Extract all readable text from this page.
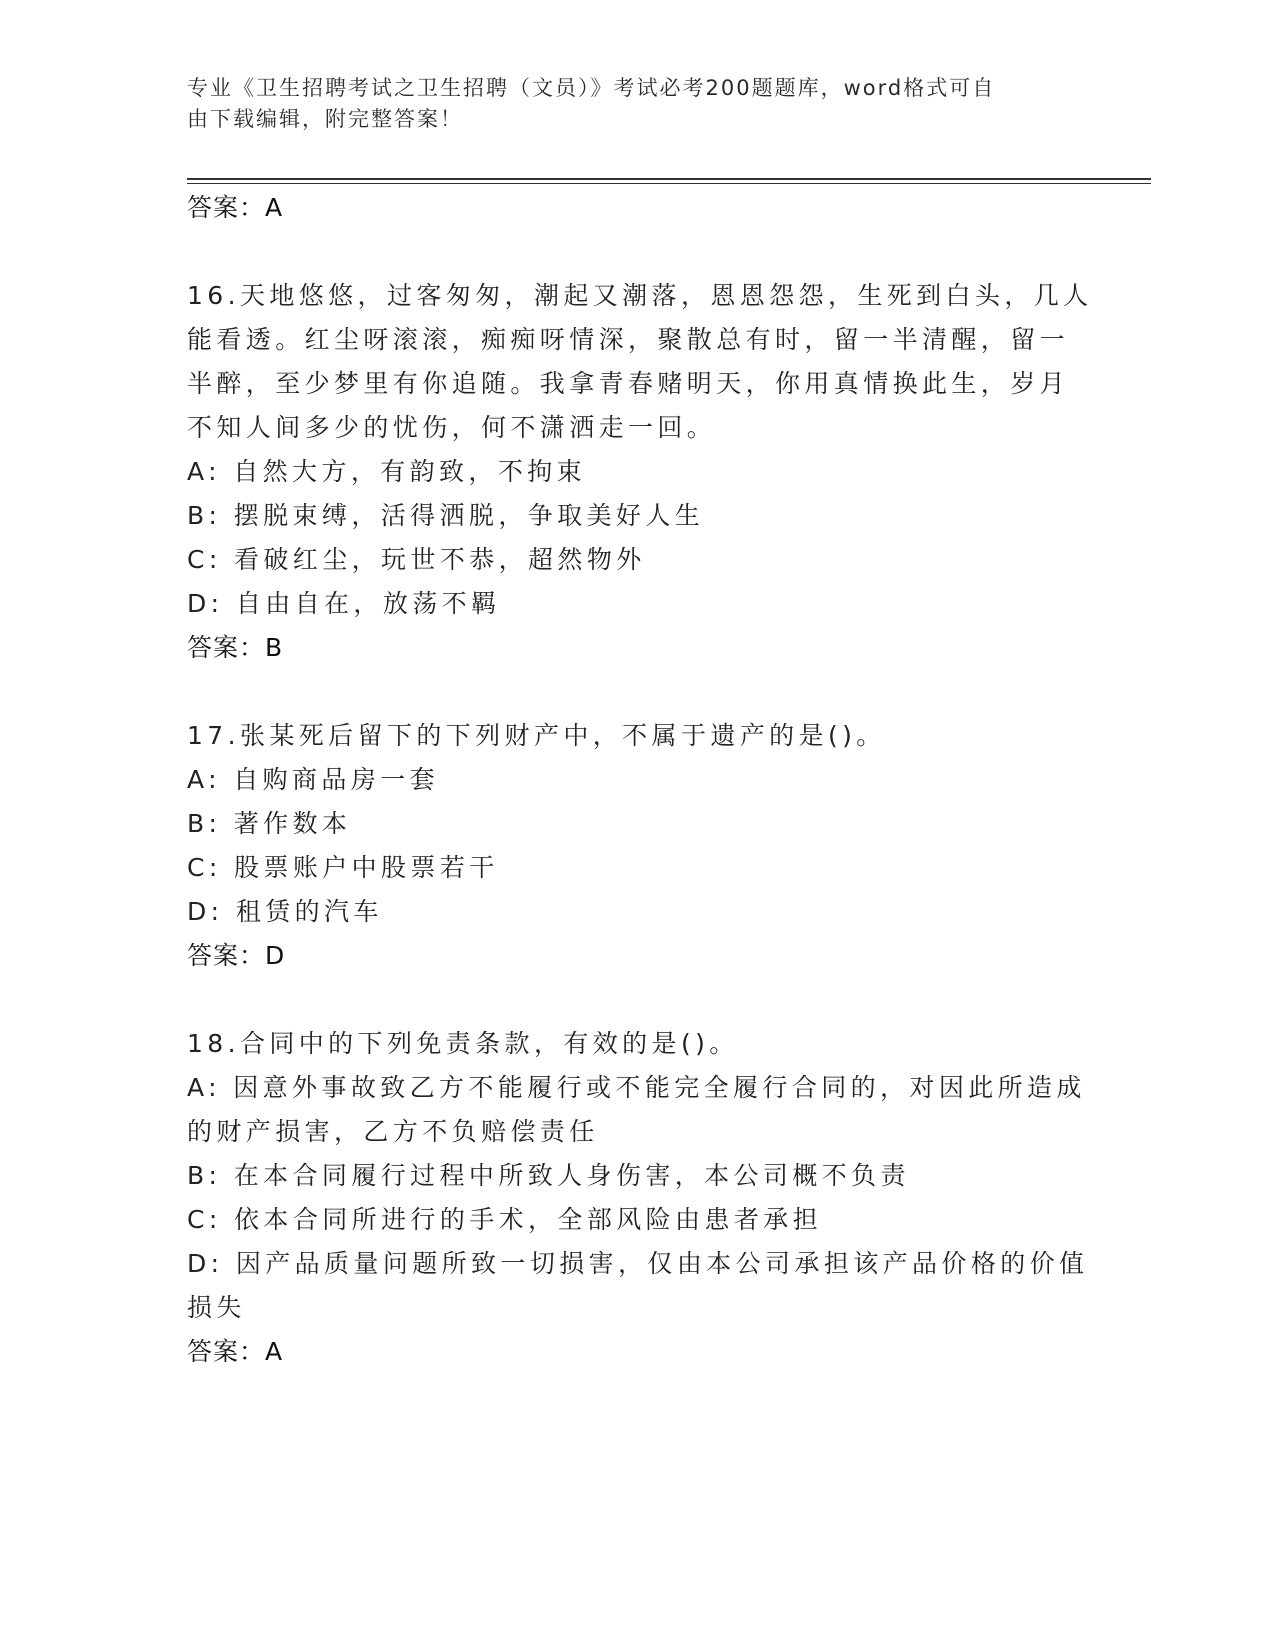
专业《卫生招聘考试之卫生招聘（文员）》考试必考200题题库，word格式可自
由下载编辑，附完整答案！
答案：A
16.天地悠悠，过客匆匆，潮起又潮落，恩恩怨怨，生死到白头，几人
能看透。红尘呀滚滚，痴痴呀情深，聚散总有时，留一半清醒，留一
半醉，至少梦里有你追随。我拿青春赌明天，你用真情换此生，岁月
不知人间多少的忧伤，何不潇洒走一回。
A: 自然大方，有韵致，不拘束
B: 摆脱束缚，活得洒脱，争取美好人生
C: 看破红尘，玩世不恭，超然物外
D: 自由自在，放荡不羁
答案：B
17.张某死后留下的下列财产中，不属于遗产的是()。
A: 自购商品房一套
B: 著作数本
C: 股票账户中股票若干
D: 租赁的汽车
答案：D
18.合同中的下列免责条款，有效的是()。
A: 因意外事故致乙方不能履行或不能完全履行合同的，对因此所造成
的财产损害，乙方不负赔偿责任
B: 在本合同履行过程中所致人身伤害，本公司概不负责
C: 依本合同所进行的手术，全部风险由患者承担
D: 因产品质量问题所致一切损害，仅由本公司承担该产品价格的价值
损失
答案：A
